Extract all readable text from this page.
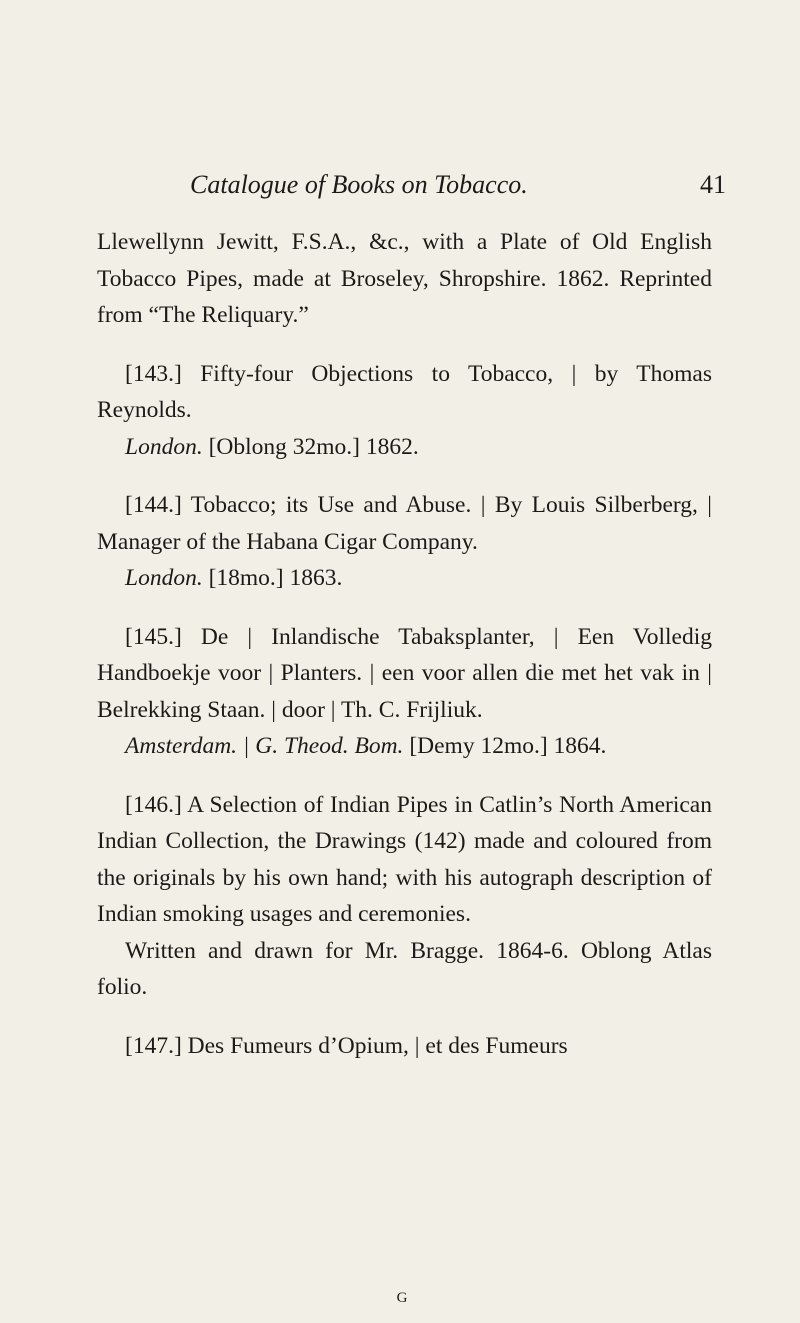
Catalogue of Books on Tobacco.	41

Llewellynn Jewitt, F.S.A., &c., with a Plate of Old English Tobacco Pipes, made at Broseley, Shropshire. 1862. Reprinted from “The Reliquary.”

[143.] Fifty-four Objections to Tobacco, | by Thomas Reynolds.
London. [Oblong 32mo.] 1862.
[144.] Tobacco; its Use and Abuse. | By Louis Silberberg, | Manager of the Habana Cigar Company.
London. [18mo.] 1863.
[145.] De | Inlandische Tabaksplanter, | Een Volledig Handboekje voor | Planters. | een voor allen die met het vak in | Belrekking Staan. | door | Th. C. Frijliuk.
Amsterdam. | G. Theod. Bom. [Demy 12mo.] 1864.
[146.] A Selection of Indian Pipes in Catlin’s North American Indian Collection, the Drawings (142) made and coloured from the originals by his own hand; with his autograph description of Indian smoking usages and ceremonies.
Written and drawn for Mr. Bragge. 1864-6. Oblong Atlas folio.
[147.] Des Fumeurs d’Opium, | et des Fumeurs
G
